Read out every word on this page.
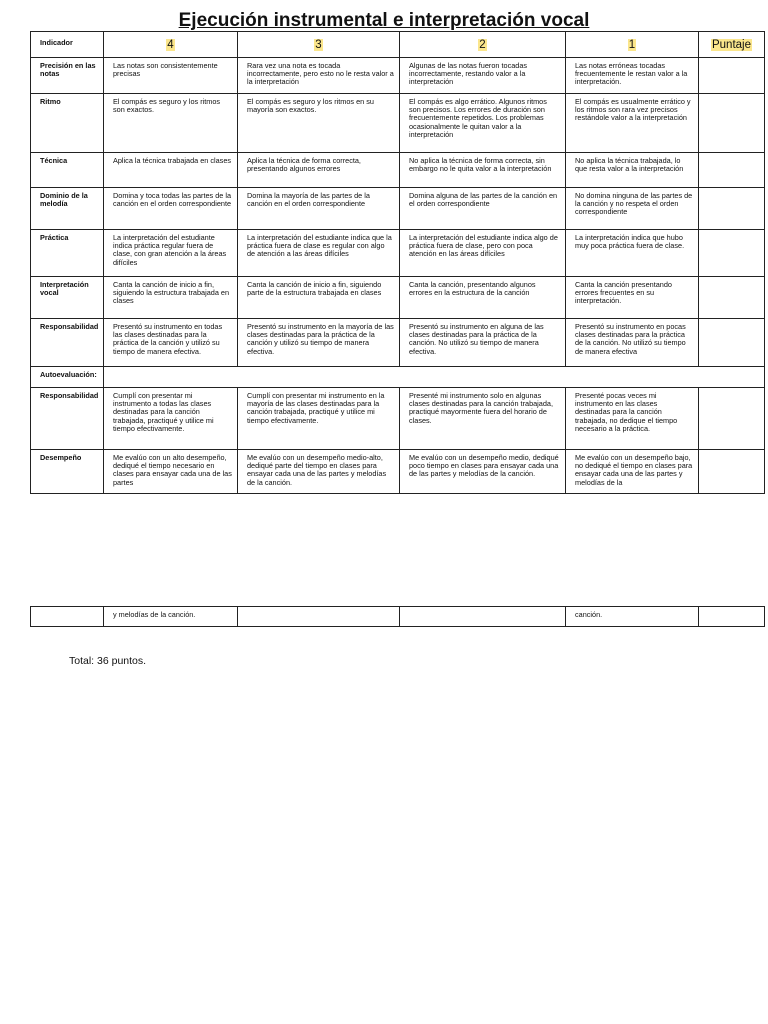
Ejecución instrumental e interpretación vocal
Indicador	4	3	2	1	Puntaje
Precisión en las notas	Las notas son consistentemente precisas	Rara vez una nota es tocada incorrectamente, pero esto no le resta valor a la interpretación	Algunas de las notas fueron tocadas incorrectamente, restando valor a la interpretación	Las notas erróneas tocadas frecuentemente le restan valor a la interpretación.	
Ritmo	El compás es seguro y los ritmos son exactos.	El compás es seguro y los ritmos en su mayoría son exactos.	El compás es algo errático. Algunos ritmos son precisos. Los errores de duración son frecuentemente repetidos. Los problemas ocasionalmente le quitan valor a la interpretación	El compás es usualmente errático y los ritmos son rara vez precisos restándole valor a la interpretación	
Técnica	Aplica la técnica trabajada en clases	Aplica la técnica de forma correcta, presentando algunos errores	No aplica la técnica de forma correcta, sin embargo no le quita valor a la interpretación	No aplica la técnica trabajada, lo que resta valor a la interpretación	
Dominio de la melodía	Domina y toca todas las partes de la canción en el orden correspondiente	Domina la mayoría de las partes de la canción en el orden correspondiente	Domina alguna de las partes de la canción en el orden correspondiente	No domina ninguna de las partes de la canción y no respeta el orden correspondiente	
Práctica	La interpretación del estudiante indica práctica regular fuera de clase, con gran atención a la áreas difíciles	La interpretación del estudiante indica que la práctica fuera de clase es regular con algo de atención a las áreas difíciles	La interpretación del estudiante indica algo de práctica fuera de clase, pero con poca atención en las áreas difíciles	La interpretación indica que hubo muy poca práctica fuera de clase.	
Interpretación vocal	Canta la canción de inicio a fin, siguiendo la estructura trabajada en clases	Canta la canción de inicio a fin, siguiendo parte de la estructura trabajada en clases	Canta la canción, presentando algunos errores en la estructura de la canción	Canta la canción presentando errores frecuentes en su interpretación.	
Responsabilidad	Presentó su instrumento en todas las clases destinadas para la práctica de la canción y utilizó su tiempo de manera efectiva.	Presentó su instrumento en la mayoría de las clases destinadas para la práctica de la canción y utilizó su tiempo de manera efectiva.	Presentó su instrumento en alguna de las clases destinadas para la práctica de la canción. No utilizó su tiempo de manera efectiva.	Presentó su instrumento en pocas clases destinadas para la práctica de la canción. No utilizó su tiempo de manera efectiva	
Autoevaluación:					
Responsabilidad	Cumplí con presentar mi instrumento a todas las clases destinadas para la canción trabajada, practiqué y utilice mi tiempo efectivamente.	Cumplí con presentar mi instrumento en la mayoría de las clases destinadas para la canción trabajada, practiqué y utilice mi tiempo efectivamente.	Presenté mi instrumento solo en algunas clases destinadas para la canción trabajada, practiqué mayormente fuera del horario de clases.	Presenté pocas veces mi instrumento en las clases destinadas para la canción trabajada, no dedique el tiempo necesario a la práctica.	
Desempeño	Me evalúo con un alto desempeño, dediqué el tiempo necesario en clases para ensayar cada una de las partes	Me evalúo con un desempeño medio-alto, dediqué parte del tiempo en clases para ensayar cada una de las partes y melodías de la canción.	Me evalúo con un desempeño medio, dediqué poco tiempo en clases para ensayar cada una de las partes y melodías de la canción.	Me evalúo con un desempeño bajo, no dediqué el tiempo en clases para ensayar cada una de las partes y melodías de la	
	y melodías de la canción.			canción.	
Total: 36 puntos.
